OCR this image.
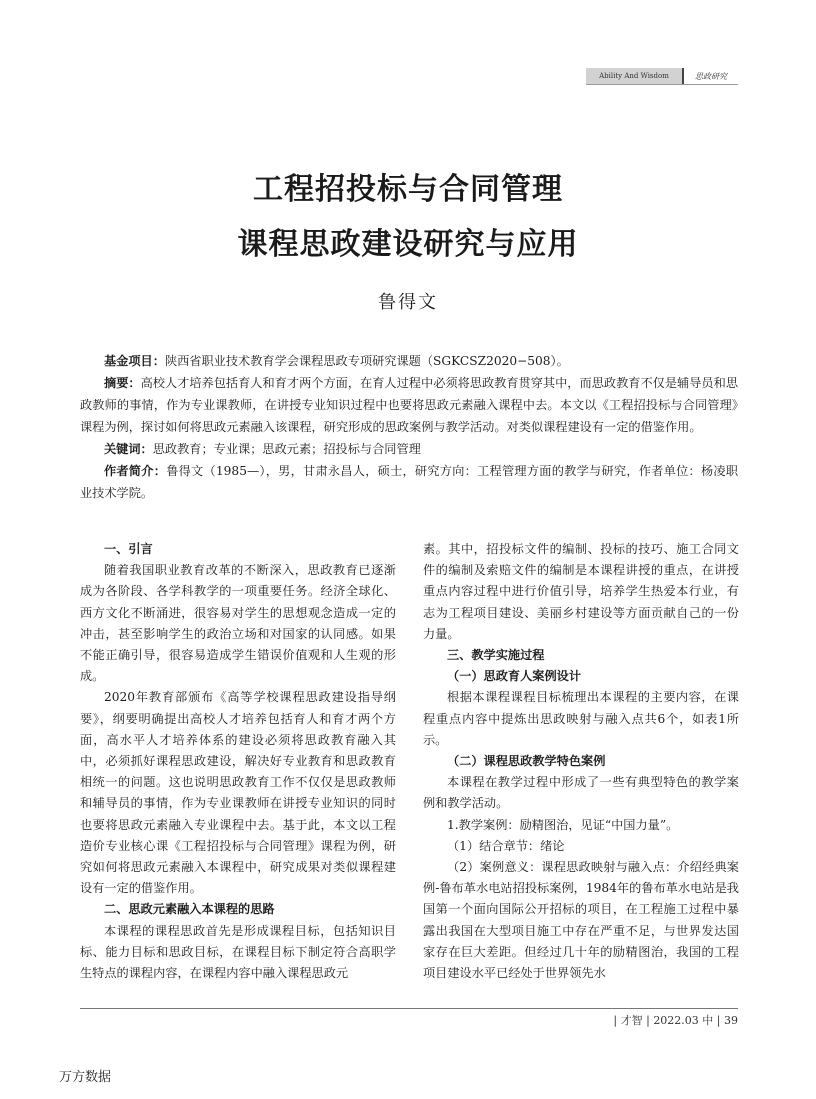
Ability And Wisdom	思政研究
工程招投标与合同管理
课程思政建设研究与应用
鲁得文

基金项目：陕西省职业技术教育学会课程思政专项研究课题（SGKCSZ2020−508）。

摘要：高校人才培养包括育人和育才两个方面，在育人过程中必须将思政教育贯穿其中，而思政教育不仅是辅导员和思政教师的事情，作为专业课教师，在讲授专业知识过程中也要将思政元素融入课程中去。本文以《工程招投标与合同管理》课程为例，探讨如何将思政元素融入该课程，研究形成的思政案例与教学活动。对类似课程建设有一定的借鉴作用。

关键词：思政教育；专业课；思政元素；招投标与合同管理

作者简介：鲁得文（1985—），男，甘肃永昌人，硕士，研究方向：工程管理方面的教学与研究，作者单位：杨凌职业技术学院。

一、引言

随着我国职业教育改革的不断深入，思政教育已逐渐成为各阶段、各学科教学的一项重要任务。经济全球化、西方文化不断涌进，很容易对学生的思想观念造成一定的冲击，甚至影响学生的政治立场和对国家的认同感。如果不能正确引导，很容易造成学生错误价值观和人生观的形成。

2020年教育部颁布《高等学校课程思政建设指导纲要》，纲要明确提出高校人才培养包括育人和育才两个方面，高水平人才培养体系的建设必须将思政教育融入其中，必须抓好课程思政建设，解决好专业教育和思政教育相统一的问题。这也说明思政教育工作不仅仅是思政教师和辅导员的事情，作为专业课教师在讲授专业知识的同时也要将思政元素融入专业课程中去。基于此，本文以工程造价专业核心课《工程招投标与合同管理》课程为例，研究如何将思政元素融入本课程中，研究成果对类似课程建设有一定的借鉴作用。

二、思政元素融入本课程的思路

本课程的课程思政首先是形成课程目标，包括知识目标、能力目标和思政目标，在课程目标下制定符合高职学生特点的课程内容，在课程内容中融入课程思政元

素。其中，招投标文件的编制、投标的技巧、施工合同文件的编制及索赔文件的编制是本课程讲授的重点，在讲授重点内容过程中进行价值引导，培养学生热爱本行业，有志为工程项目建设、美丽乡村建设等方面贡献自己的一份力量。

三、教学实施过程

（一）思政育人案例设计

根据本课程课程目标梳理出本课程的主要内容，在课程重点内容中提炼出思政映射与融入点共6个，如表1所示。

（二）课程思政教学特色案例

本课程在教学过程中形成了一些有典型特色的教学案例和教学活动。

1.教学案例：励精图治，见证“中国力量”。

（1）结合章节：绪论

（2）案例意义：课程思政映射与融入点：介绍经典案例-鲁布革水电站招投标案例，1984年的鲁布革水电站是我国第一个面向国际公开招标的项目，在工程施工过程中暴露出我国在大型项目施工中存在严重不足，与世界发达国家存在巨大差距。但经过几十年的励精图治，我国的工程项目建设水平已经处于世界领先水

| 才智 | 2022.03 中 | 39
万方数据
